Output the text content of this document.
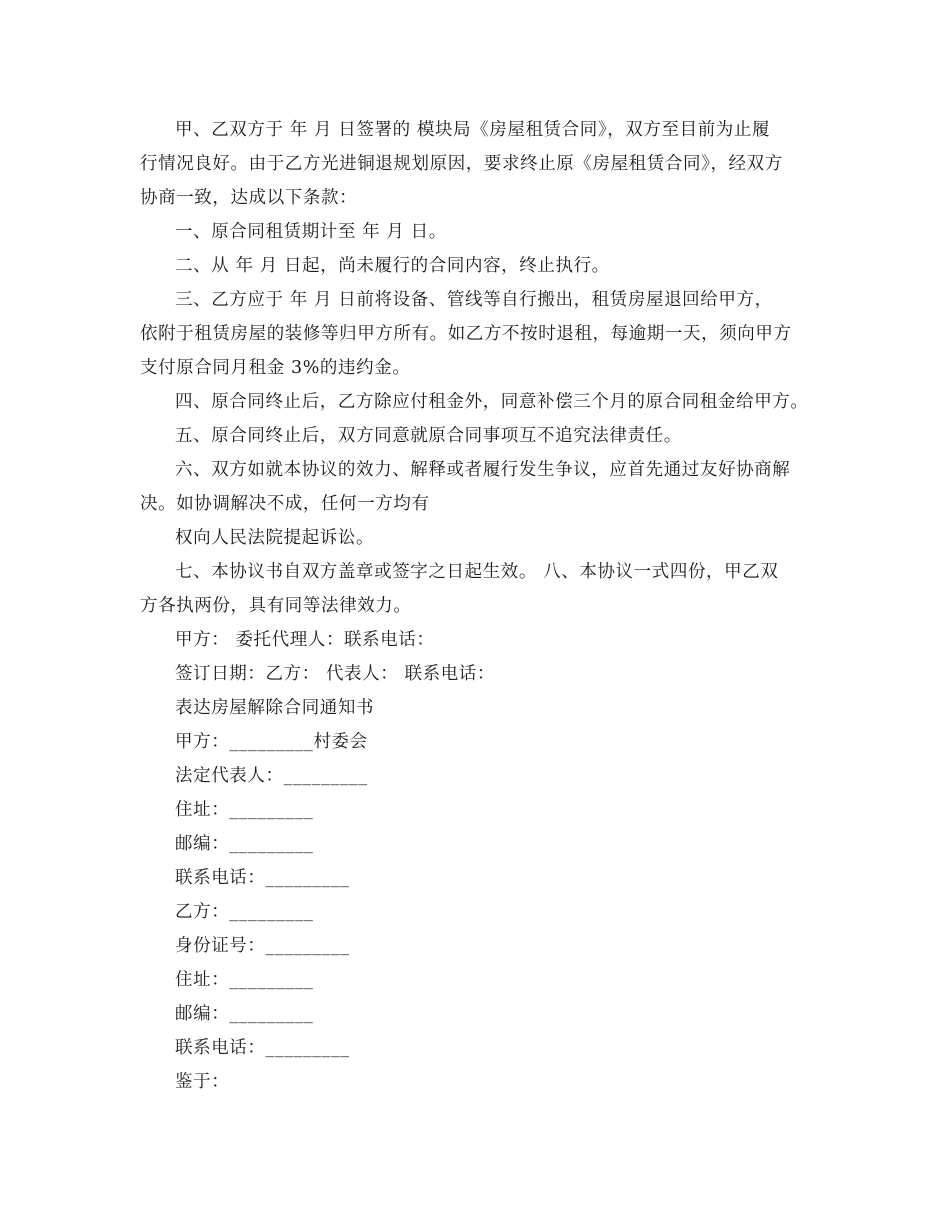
甲、乙双方于 年 月 日签署的 模块局《房屋租赁合同》，双方至目前为止履
行情况良好。由于乙方光进铜退规划原因，要求终止原《房屋租赁合同》，经双方
协商一致，达成以下条款：
一、原合同租赁期计至 年 月 日。
二、从 年 月 日起，尚未履行的合同内容，终止执行。
三、乙方应于 年 月 日前将设备、管线等自行搬出，租赁房屋退回给甲方，
依附于租赁房屋的装修等归甲方所有。如乙方不按时退租，每逾期一天，须向甲方
支付原合同月租金 3%的违约金。
四、原合同终止后，乙方除应付租金外，同意补偿三个月的原合同租金给甲方。
五、原合同终止后，双方同意就原合同事项互不追究法律责任。
六、双方如就本协议的效力、解释或者履行发生争议，应首先通过友好协商解
决。如协调解决不成，任何一方均有
权向人民法院提起诉讼。
七、本协议书自双方盖章或签字之日起生效。 八、本协议一式四份，甲乙双
方各执两份，具有同等法律效力。
甲方： 委托代理人：联系电话：
签订日期：乙方： 代表人： 联系电话：
表达房屋解除合同通知书
甲方：_________村委会
法定代表人：_________
住址：_________
邮编：_________
联系电话：_________
乙方：_________
身份证号：_________
住址：_________
邮编：_________
联系电话：_________
鉴于：
